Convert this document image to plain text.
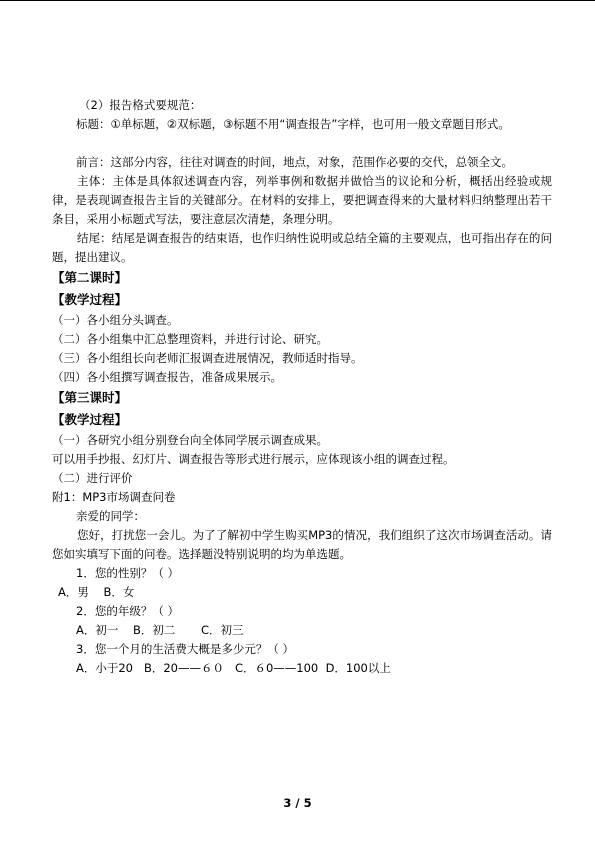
（2）报告格式要规范：
标题：①单标题，②双标题，③标题不用“调查报告”字样，也可用一般文章题目形式。
前言：这部分内容，往往对调查的时间，地点，对象，范围作必要的交代，总领全文。
主体：主体是具体叙述调查内容，列举事例和数据并做恰当的议论和分析，概括出经验或规律，是表现调查报告主旨的关键部分。在材料的安排上，要把调查得来的大量材料归纳整理出若干条目，采用小标题式写法，要注意层次清楚，条理分明。
结尾：结尾是调查报告的结束语，也作归纳性说明或总结全篇的主要观点，也可指出存在的问题，提出建议。
【第二课时】
【教学过程】
（一）各小组分头调查。
（二）各小组集中汇总整理资料，并进行讨论、研究。
（三）各小组组长向老师汇报调查进展情况，教师适时指导。
（四）各小组撰写调查报告，准备成果展示。
【第三课时】
【教学过程】
（一）各研究小组分别登台向全体同学展示调查成果。
可以用手抄报、幻灯片、调查报告等形式进行展示，应体现该小组的调查过程。
（二）进行评价
附1：MP3市场调查问卷
亲爱的同学：
您好，打扰您一会儿。为了了解初中学生购买MP3的情况，我们组织了这次市场调查活动。请您如实填写下面的问卷。选择题没特别说明的均为单选题。
1．您的性别？（ ）
A．男    B．女
2．您的年级？（ ）
A．初一    B．初二       C．初三
3．您一个月的生活费大概是多少元？（ ）
A．小于20   B．20——６０   C．６0——100  D．100以上
3 / 5
